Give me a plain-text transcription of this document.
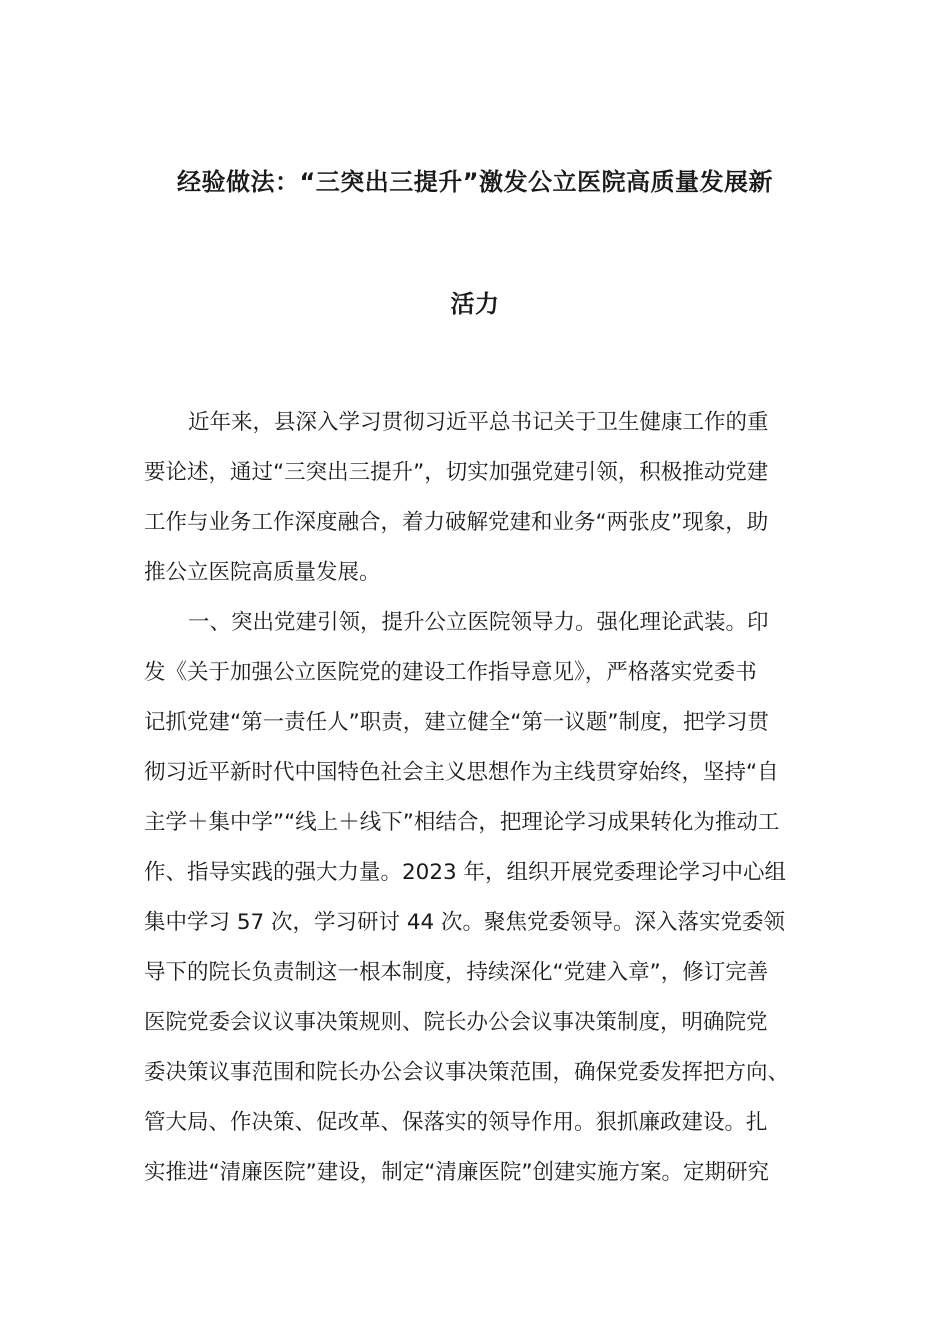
经验做法：“三突出三提升”激发公立医院高质量发展新
活力
近年来，县深入学习贯彻习近平总书记关于卫生健康工作的重
要论述，通过“三突出三提升”，切实加强党建引领，积极推动党建
工作与业务工作深度融合，着力破解党建和业务“两张皮”现象，助
推公立医院高质量发展。
一、突出党建引领，提升公立医院领导力。强化理论武装。印
发《关于加强公立医院党的建设工作指导意见》，严格落实党委书
记抓党建“第一责任人”职责，建立健全“第一议题”制度，把学习贯
彻习近平新时代中国特色社会主义思想作为主线贯穿始终，坚持“自
主学＋集中学”“线上＋线下”相结合，把理论学习成果转化为推动工
作、指导实践的强大力量。2023 年，组织开展党委理论学习中心组
集中学习 57 次，学习研讨 44 次。聚焦党委领导。深入落实党委领
导下的院长负责制这一根本制度，持续深化“党建入章”，修订完善
医院党委会议议事决策规则、院长办公会议事决策制度，明确院党
委决策议事范围和院长办公会议事决策范围，确保党委发挥把方向、
管大局、作决策、促改革、保落实的领导作用。狠抓廉政建设。扎
实推进“清廉医院”建设，制定“清廉医院”创建实施方案。定期研究
